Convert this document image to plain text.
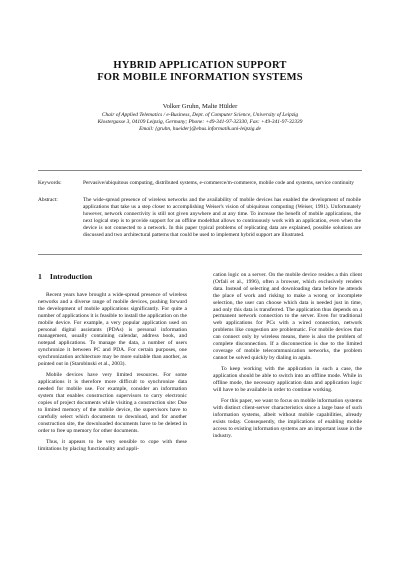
HYBRID APPLICATION SUPPORT
FOR MOBILE INFORMATION SYSTEMS
Volker Gruhn, Malte Hülder
Chair of Applied Telematics / e-Business, Dept. of Computer Science, University of Leipzig
Klostergasse 3, 04109 Leipzig, Germany; Phone: +49-341-97-32330, Fax: +49-341-97-32339
Email: {gruhn, hueider}@ebus.informatik.uni-leipzig.de
Keywords:	Pervasive/ubiquitous computing, distributed systems, e-commerce/m-commerce, mobile code and systems, service continuity
Abstract:	The wide-spread presence of wireless networks and the availability of mobile devices has enabled the development of mobile applications that take us a step closer to accomplishing Weiser's vision of ubiquitous computing (Weiser, 1991). Unfortunately however, network connectivity is still not given anywhere and at any time. To increase the benefit of mobile applications, the next logical step is to provide support for an offline modelthat allows to continuously work with an application, even when the device is not connected to a network. In this paper typical problems of replicating data are explained, possible solutions are discussed and two architectural patterns that could be used to implement hybrid support are illustrated.
1 Introduction

Recent years have brought a wide-spread presence of wireless networks and a diverse range of mobile devices, pushing forward the development of mobile applications significantly. For quite a number of applications it is feasible to install the application on the mobile device. For example, a very popular application used on personal digital assistants (PDAs) is personal information management, usually containing calendar, address book, and notepad applications. To manage the data, a number of users synchronize it between PC and PDA. For certain purposes, one synchronization architecture may be more suitable than another, as pointed out in (Starobinski et al., 2003).

Mobile devices have very limited resources. For some applications it is therefore more difficult to synchronize data needed for mobile use. For example, consider an information system that enables construction supervisors to carry electronic copies of project documents while visiting a construction site: Due to limited memory of the mobile device, the supervisors have to carefully select which documents to download, and for another construction site, the downloaded documents have to be deleted in order to free up memory for other documents.

Thus, it appears to be very sensible to cope with these limitations by placing functionality and appli-

cation logic on a server. On the mobile device resides a thin client (Orfali et al., 1996), often a browser, which exclusively renders data. Instead of selecting and downloading data before he attends the place of work and risking to make a wrong or incomplete selection, the user can choose which data is needed just in time, and only this data is transferred. The application thus depends on a permanent network connection to the server. Even for traditional web applications for PCs with a wired connection, network problems like congestion are problematic. For mobile devices that can connect only by wireless means, there is also the problem of complete disconnection. If a disconnection is due to the limited coverage of mobile telecommunication networks, the problem cannot be solved quickly by dialing in again.

To keep working with the application in such a case, the application should be able to switch into an offline mode. While in offline mode, the necessary application data and application logic will have to be available in order to continue working.

For this paper, we want to focus on mobile information systems with distinct client-server characteristics since a large base of such information systems, albeit without mobile capabilities, already exists today. Consequently, the implications of enabling mobile access to existing information systems are an important issue in the industry.
